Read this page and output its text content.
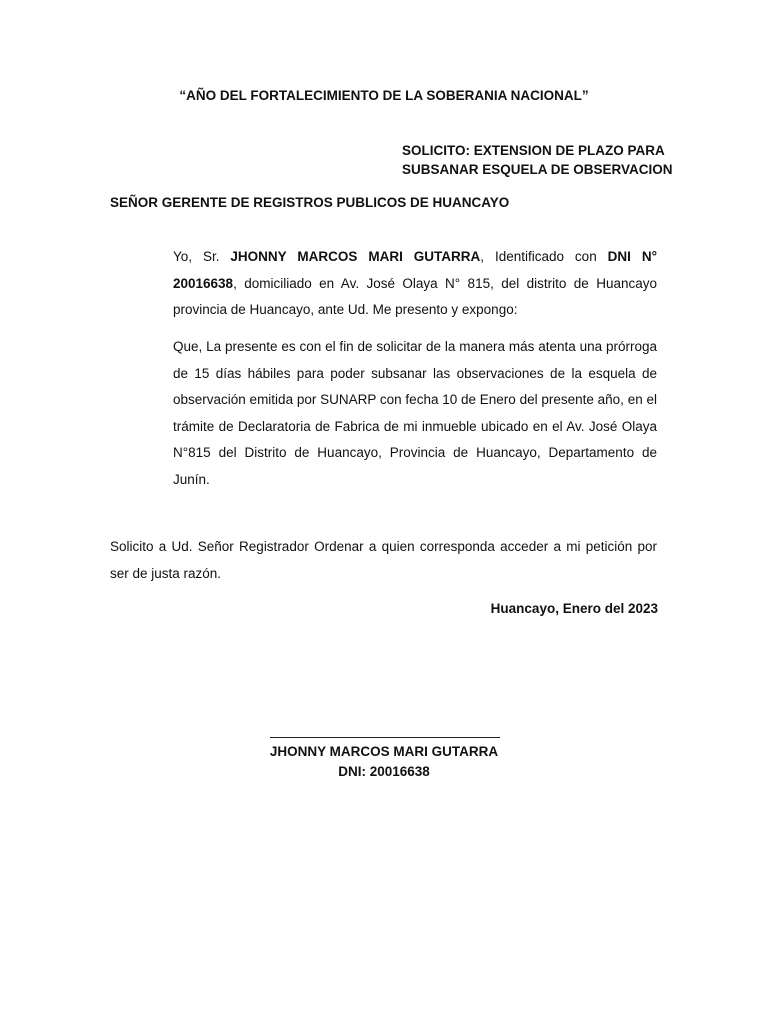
“AÑO DEL FORTALECIMIENTO DE LA SOBERANIA NACIONAL”
SOLICITO: EXTENSION DE PLAZO PARA
SUBSANAR ESQUELA DE OBSERVACION
SEÑOR GERENTE DE REGISTROS PUBLICOS DE HUANCAYO
Yo, Sr. JHONNY MARCOS MARI GUTARRA, Identificado con DNI N° 20016638, domiciliado en Av. José Olaya N° 815, del distrito de Huancayo provincia de Huancayo, ante Ud. Me presento y expongo:
Que, La presente es con el fin de solicitar de la manera más atenta una prórroga de 15 días hábiles para poder subsanar las observaciones de la esquela de observación emitida por SUNARP con fecha 10 de Enero del presente año, en el trámite de Declaratoria de Fabrica de mi inmueble ubicado en el Av. José Olaya N°815 del Distrito de Huancayo, Provincia de Huancayo, Departamento de Junín.
Solicito a Ud. Señor Registrador Ordenar a quien corresponda acceder a mi petición por ser de justa razón.
Huancayo, Enero del 2023
JHONNY MARCOS MARI GUTARRA
DNI: 20016638
